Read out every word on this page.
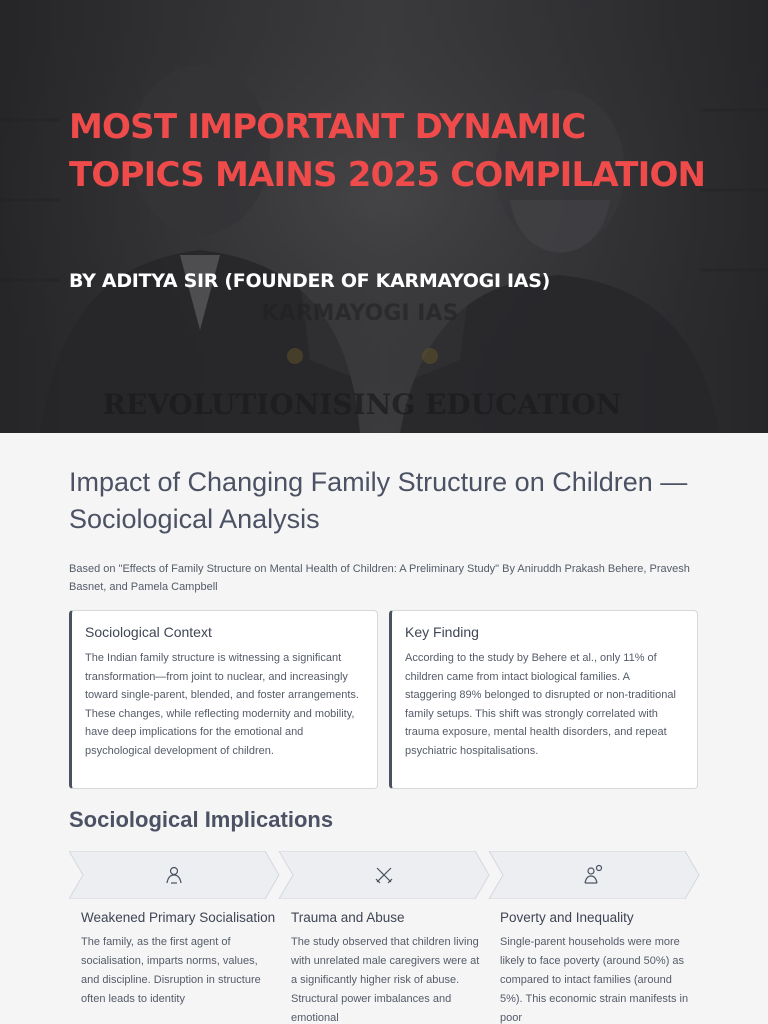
KARMAYOGI IAS
REVOLUTIONISING EDUCATION
MOST IMPORTANT DYNAMIC TOPICS MAINS 2025 COMPILATION
BY ADITYA SIR (FOUNDER OF KARMAYOGI IAS)
Impact of Changing Family Structure on Children — Sociological Analysis

Based on "Effects of Family Structure on Mental Health of Children: A Preliminary Study" By Aniruddh Prakash Behere, Pravesh Basnet, and Pamela Campbell

Sociological Context

The Indian family structure is witnessing a significant transformation—from joint to nuclear, and increasingly toward single-parent, blended, and foster arrangements. These changes, while reflecting modernity and mobility, have deep implications for the emotional and psychological development of children.

Key Finding

According to the study by Behere et al., only 11% of children came from intact biological families. A staggering 89% belonged to disrupted or non-traditional family setups. This shift was strongly correlated with trauma exposure, mental health disorders, and repeat psychiatric hospitalisations.

Sociological Implications
Weakened Primary Socialisation

The family, as the first agent of socialisation, imparts norms, values, and discipline. Disruption in structure often leads to identity

Trauma and Abuse

The study observed that children living with unrelated male caregivers were at a significantly higher risk of abuse. Structural power imbalances and emotional

Poverty and Inequality

Single-parent households were more likely to face poverty (around 50%) as compared to intact families (around 5%). This economic strain manifests in poor
